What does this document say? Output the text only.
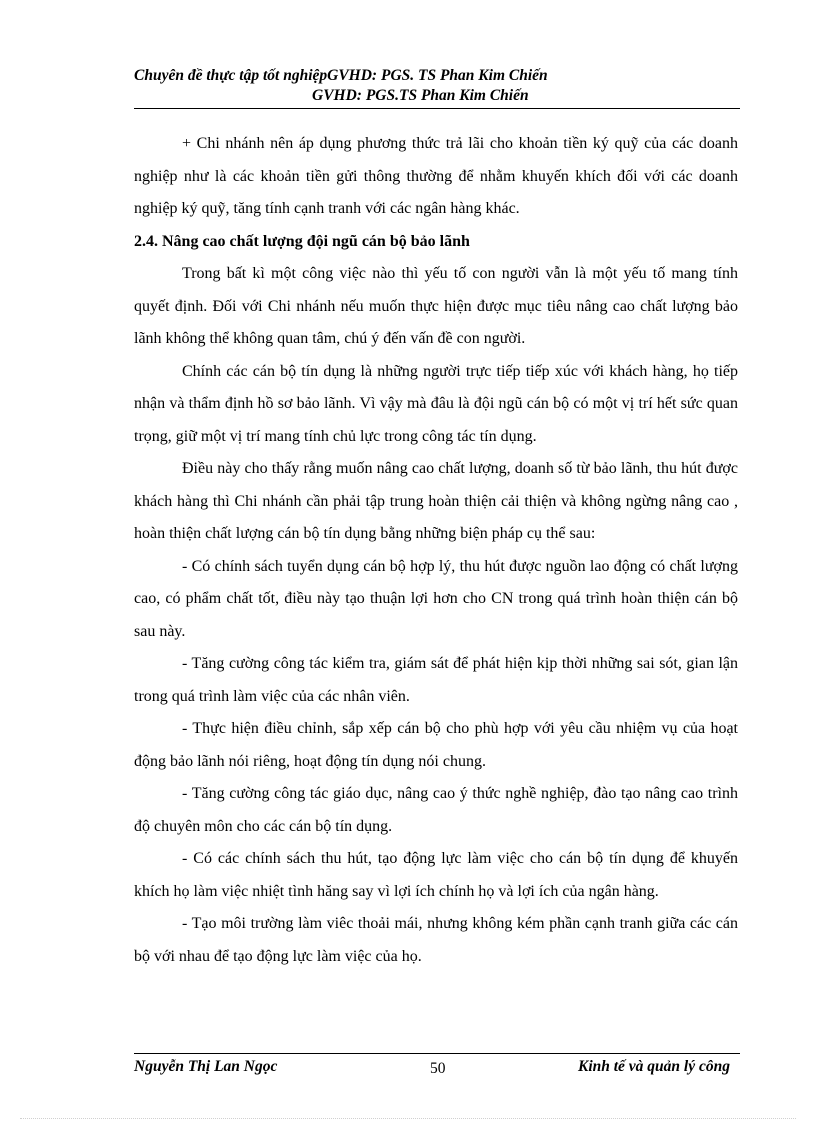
Chuyên đề thực tập tốt nghiệpGVHD: PGS. TS Phan Kim Chiến
GVHD: PGS.TS Phan Kim Chiến

+ Chi nhánh nên áp dụng phương thức trả lãi cho khoản tiền ký quỹ của các doanh nghiệp như là các khoản tiền gửi thông thường để nhằm khuyến khích đối với các doanh nghiệp ký quỹ, tăng tính cạnh tranh với các ngân hàng khác.

2.4. Nâng cao chất lượng đội ngũ cán bộ bảo lãnh

Trong bất kì một công việc nào thì yếu tố con người vẫn là một yếu tố mang tính quyết định. Đối với Chi nhánh nếu muốn thực hiện được mục tiêu nâng cao chất lượng bảo lãnh không thể không quan tâm, chú ý đến vấn đề con người.

Chính các cán bộ tín dụng là những người trực tiếp tiếp xúc với khách hàng, họ tiếp nhận và thẩm định hồ sơ bảo lãnh. Vì vậy mà đâu là đội ngũ cán bộ có một vị trí hết sức quan trọng, giữ một vị trí mang tính chủ lực trong công tác tín dụng.

Điều này cho thấy rằng muốn nâng cao chất lượng, doanh số từ bảo lãnh, thu hút được khách hàng thì Chi nhánh cần phải tập trung hoàn thiện cải thiện và không ngừng nâng cao , hoàn thiện chất lượng cán bộ tín dụng bằng những biện pháp cụ thể sau:

- Có chính sách tuyển dụng cán bộ hợp lý, thu hút được nguồn lao động có chất lượng cao, có phẩm chất tốt, điều này tạo thuận lợi hơn cho CN trong quá trình hoàn thiện cán bộ sau này.

- Tăng cường công tác kiểm tra, giám sát để phát hiện kịp thời những sai sót, gian lận trong quá trình làm việc của các nhân viên.

- Thực hiện điều chỉnh, sắp xếp cán bộ cho phù hợp với yêu cầu nhiệm vụ của hoạt động bảo lãnh nói riêng, hoạt động tín dụng nói chung.

- Tăng cường công tác giáo dục, nâng cao ý thức nghề nghiệp, đào tạo nâng cao trình độ chuyên môn cho các cán bộ tín dụng.

- Có các chính sách thu hút, tạo động lực làm việc cho cán bộ tín dụng để khuyến khích họ làm việc nhiệt tình hăng say vì lợi ích chính họ và lợi ích của ngân hàng.

- Tạo môi trường làm viêc thoải mái, nhưng không kém phần cạnh tranh giữa các cán bộ với nhau để tạo động lực làm việc của họ.

Nguyễn Thị Lan Ngọc	50	Kinh tế và quản lý công
